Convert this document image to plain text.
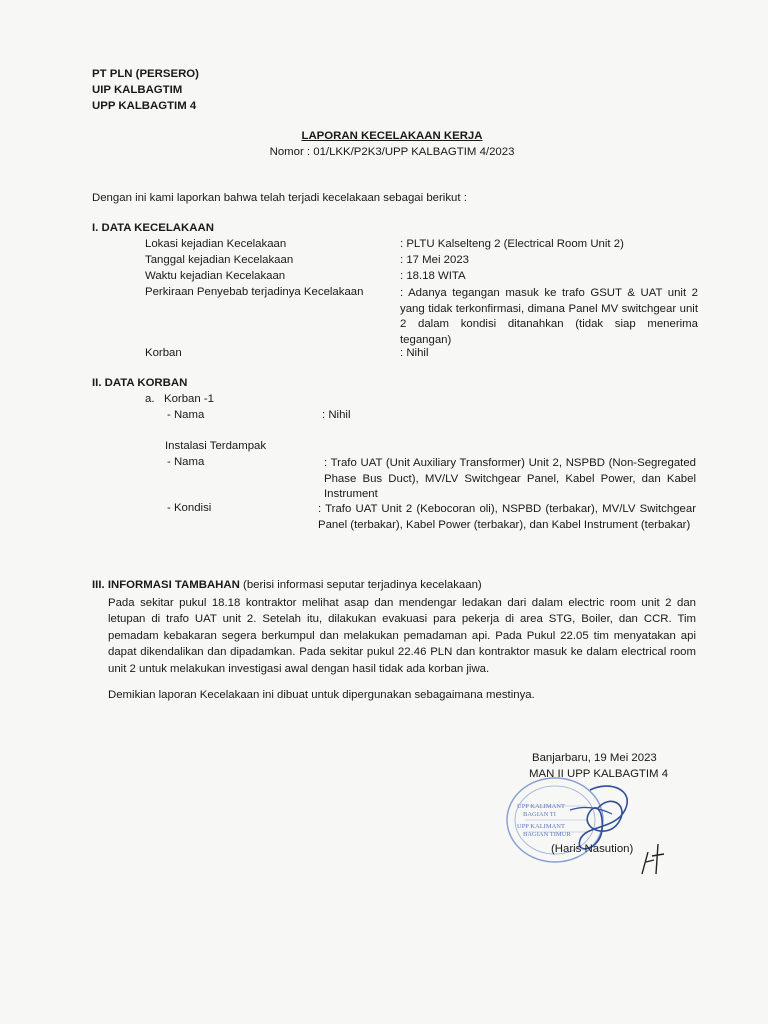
PT PLN (PERSERO)
UIP KALBAGTIM
UPP KALBAGTIM 4
LAPORAN KECELAKAAN KERJA
Nomor : 01/LKK/P2K3/UPP KALBAGTIM 4/2023
Dengan ini kami laporkan bahwa telah terjadi kecelakaan sebagai berikut :
I. DATA KECELAKAAN
Lokasi kejadian Kecelakaan	: PLTU Kalselteng 2 (Electrical Room Unit 2)
Tanggal kejadian Kecelakaan	: 17 Mei 2023
Waktu kejadian Kecelakaan	: 18.18 WITA
Perkiraan Penyebab terjadinya Kecelakaan	: Adanya tegangan masuk ke trafo GSUT & UAT unit 2 yang tidak terkonfirmasi, dimana Panel MV switchgear unit 2 dalam kondisi ditanahkan (tidak siap menerima tegangan)
Korban	: Nihil
II. DATA KORBAN
a.   Korban -1
- Nama	: Nihil
Instalasi Terdampak
- Nama	: Trafo UAT (Unit Auxiliary Transformer) Unit 2, NSPBD (Non-Segregated Phase Bus Duct), MV/LV Switchgear Panel, Kabel Power, dan Kabel Instrument
- Kondisi	: Trafo UAT Unit 2 (Kebocoran oli), NSPBD (terbakar), MV/LV Switchgear Panel (terbakar), Kabel Power (terbakar), dan Kabel Instrument (terbakar)
III. INFORMASI TAMBAHAN (berisi informasi seputar terjadinya kecelakaan)
Pada sekitar pukul 18.18 kontraktor melihat asap dan mendengar ledakan dari dalam electric room unit 2 dan letupan di trafo UAT unit 2. Setelah itu, dilakukan evakuasi para pekerja di area STG, Boiler, dan CCR. Tim pemadam kebakaran segera berkumpul dan melakukan pemadaman api. Pada Pukul 22.05 tim menyatakan api dapat dikendalikan dan dipadamkan. Pada sekitar pukul 22.46 PLN dan kontraktor masuk ke dalam electrical room unit 2 untuk melakukan investigasi awal dengan hasil tidak ada korban jiwa.
Demikian laporan Kecelakaan ini dibuat untuk dipergunakan sebagaimana mestinya.
Banjarbaru, 19 Mei 2023
MAN II UPP KALBAGTIM 4
UPP KALIMANT
BAGIAN TI
UPP KALIMANT
BAGIAN TIMUR
(Haris Nasution)
